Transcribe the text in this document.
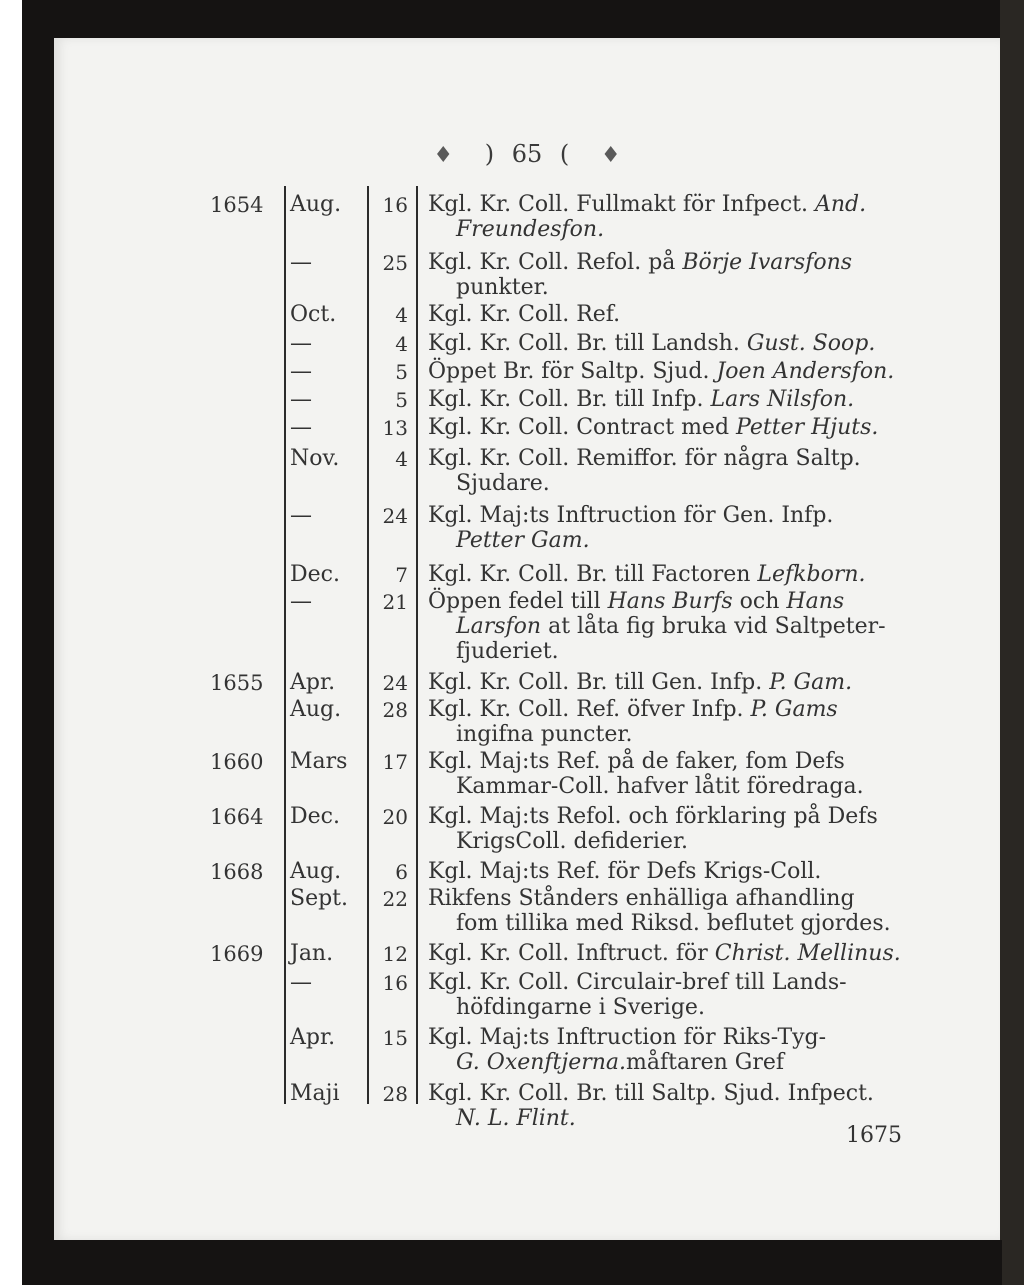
♦ ) 65 ( ♦
1654 Aug.	16 Kgl. Kr. Coll. Fullmakt för Infpect. And.
Freundesfon.
—	25 Kgl. Kr. Coll. Refol. på Börje Ivarsfons
punkter.
Oct.	4 Kgl. Kr. Coll. Ref.
—	4 Kgl. Kr. Coll. Br. till Landsh. Gust. Soop.
—	5 Öppet Br. för Saltp. Sjud. Joen Andersfon.
—	5 Kgl. Kr. Coll. Br. till Infp. Lars Nilsfon.
—	13 Kgl. Kr. Coll. Contract med Petter Hjuts.
Nov.	4 Kgl. Kr. Coll. Remiffor. för några Saltp.
Sjudare.
—	24 Kgl. Maj:ts Inftruction för Gen. Infp.
Petter Gam.
Dec.	7 Kgl. Kr. Coll. Br. till Factoren Lefkborn.
—	21 Öppen fedel till Hans Burfs och Hans
Larsfon at låta fig bruka vid Saltpeter-
fjuderiet.
1655 Apr.	24 Kgl. Kr. Coll. Br. till Gen. Infp. P. Gam.
Aug.	28 Kgl. Kr. Coll. Ref. öfver Infp. P. Gams
ingifna puncter.
1660 Mars	17 Kgl. Maj:ts Ref. på de faker, fom Defs
Kammar-Coll. hafver låtit föredraga.
1664 Dec.	20 Kgl. Maj:ts Refol. och förklaring på Defs
KrigsColl. defiderier.
1668 Aug.	6 Kgl. Maj:ts Ref. för Defs Krigs-Coll.
Sept.	22 Rikfens Stånders enhälliga afhandling
fom tillika med Riksd. beflutet gjordes.
1669 Jan.	12 Kgl. Kr. Coll. Inftruct. för Christ. Mellinus.
—	16 Kgl. Kr. Coll. Circulair-bref till Lands-
höfdingarne i Sverige.
Apr.	15 Kgl. Maj:ts Inftruction för Riks-Tyg-
G. Oxenftjerna.måftaren Gref
Maji	28 Kgl. Kr. Coll. Br. till Saltp. Sjud. Infpect.
N. L. Flint.
1675
